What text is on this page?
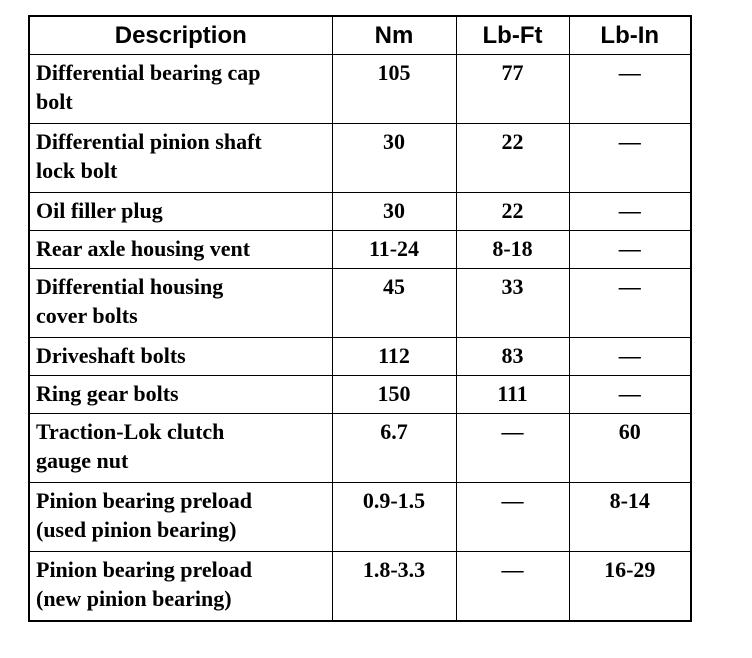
Description	Nm	Lb-Ft	Lb-In
Differential bearing cap
bolt	105	77	—
Differential pinion shaft
lock bolt	30	22	—
Oil filler plug	30	22	—
Rear axle housing vent	11-24	8-18	—
Differential housing
cover bolts	45	33	—
Driveshaft bolts	112	83	—
Ring gear bolts	150	111	—
Traction-Lok clutch
gauge nut	6.7	—	60
Pinion bearing preload
(used pinion bearing)	0.9-1.5	—	8-14
Pinion bearing preload
(new pinion bearing)	1.8-3.3	—	16-29
